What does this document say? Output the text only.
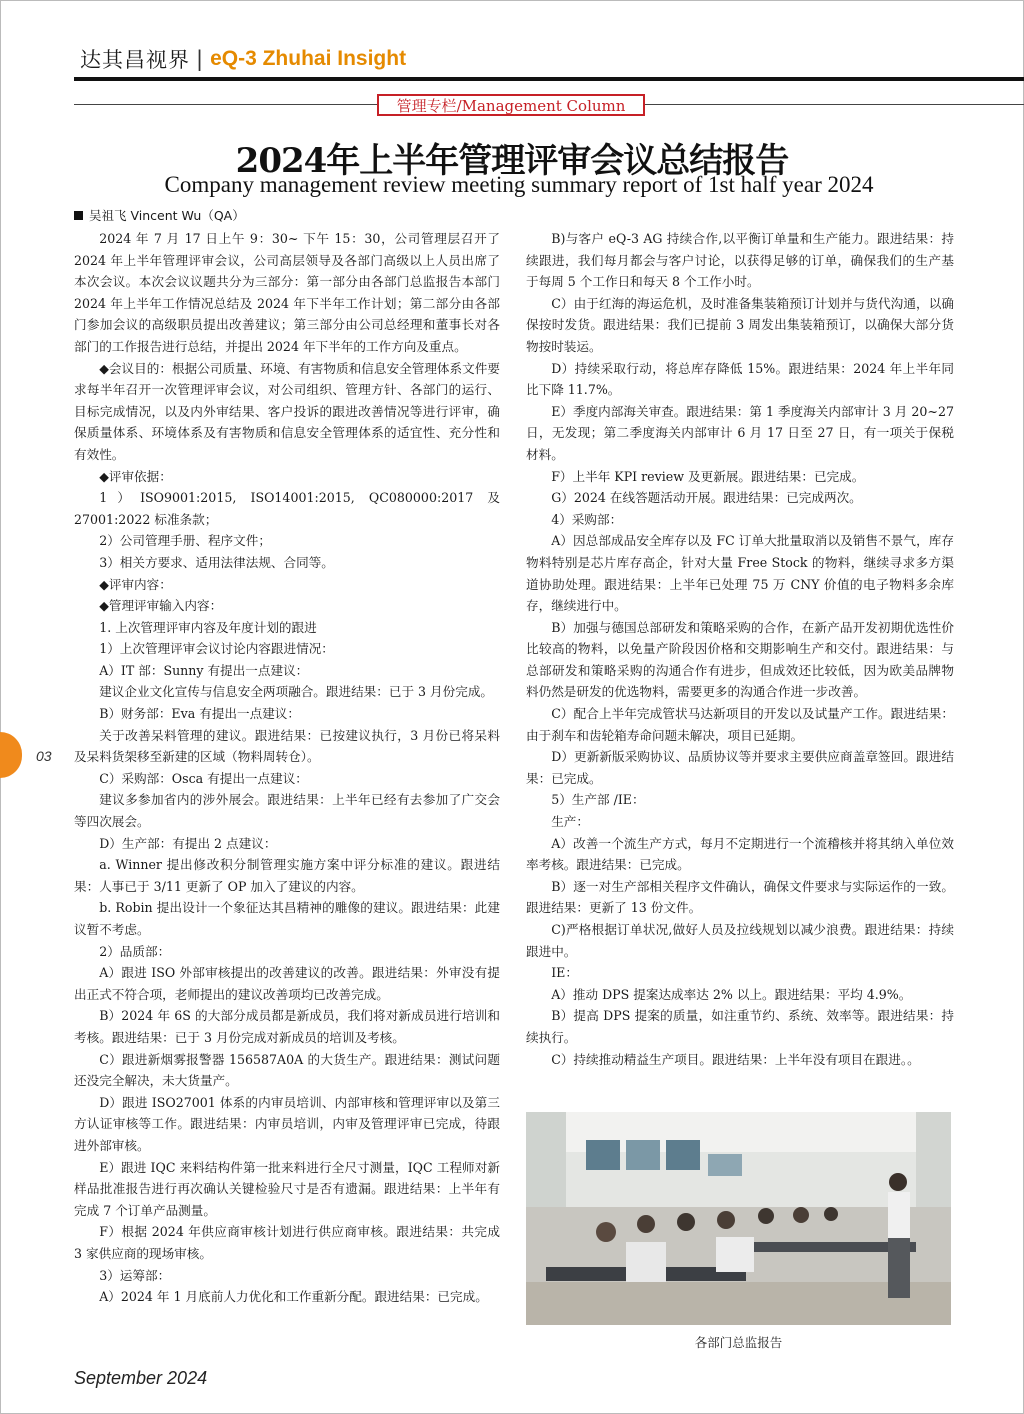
达其昌视界 | eQ-3 Zhuhai Insight
管理专栏/Management Column
2024年上半年管理评审会议总结报告
Company management review meeting summary report of 1st half year 2024
吴祖飞 Vincent Wu（QA）

2024 年 7 月 17 日上午 9：30~ 下午 15：30，公司管理层召开了 2024 年上半年管理评审会议，公司高层领导及各部门高级以上人员出席了本次会议。本次会议议题共分为三部分：第一部分由各部门总监报告本部门 2024 年上半年工作情况总结及 2024 年下半年工作计划；第二部分由各部门参加会议的高级职员提出改善建议；第三部分由公司总经理和董事长对各部门的工作报告进行总结，并提出 2024 年下半年的工作方向及重点。

◆会议目的：根据公司质量、环境、有害物质和信息安全管理体系文件要求每半年召开一次管理评审会议，对公司组织、管理方针、各部门的运行、目标完成情况，以及内外审结果、客户投诉的跟进改善情况等进行评审，确保质量体系、环境体系及有害物质和信息安全管理体系的适宜性、充分性和有效性。

◆评审依据：

1）ISO9001:2015, ISO14001:2015, QC080000:2017 及 27001:2022 标准条款；

2）公司管理手册、程序文件；

3）相关方要求、适用法律法规、合同等。

◆评审内容：

◆管理评审输入内容：

1. 上次管理评审内容及年度计划的跟进

1）上次管理评审会议讨论内容跟进情况：

A）IT 部：Sunny 有提出一点建议：

建议企业文化宣传与信息安全两项融合。跟进结果：已于 3 月份完成。

B）财务部：Eva 有提出一点建议：

关于改善呆料管理的建议。跟进结果：已按建议执行，3 月份已将呆料及呆料货架移至新建的区域（物料周转仓）。

C）采购部：Osca 有提出一点建议：

建议多参加省内的涉外展会。跟进结果：上半年已经有去参加了广交会等四次展会。

D）生产部：有提出 2 点建议：

a. Winner 提出修改积分制管理实施方案中评分标准的建议。跟进结果：人事已于 3/11 更新了 OP 加入了建议的内容。

b. Robin 提出设计一个象征达其昌精神的雕像的建议。跟进结果：此建议暂不考虑。

2）品质部：

A）跟进 ISO 外部审核提出的改善建议的改善。跟进结果：外审没有提出正式不符合项，老师提出的建议改善项均已改善完成。

B）2024 年 6S 的大部分成员都是新成员，我们将对新成员进行培训和考核。跟进结果：已于 3 月份完成对新成员的培训及考核。

C）跟进新烟雾报警器 156587A0A 的大货生产。跟进结果：测试问题还没完全解决，未大货量产。

D）跟进 ISO27001 体系的内审员培训、内部审核和管理评审以及第三方认证审核等工作。跟进结果：内审员培训，内审及管理评审已完成，待跟进外部审核。

E）跟进 IQC 来料结构件第一批来料进行全尺寸测量，IQC 工程师对新样品批准报告进行再次确认关键检验尺寸是否有遗漏。跟进结果：上半年有完成 7 个订单产品测量。

F）根据 2024 年供应商审核计划进行供应商审核。跟进结果：共完成 3 家供应商的现场审核。

3）运筹部：

A）2024 年 1 月底前人力优化和工作重新分配。跟进结果：已完成。

B)与客户 eQ-3 AG 持续合作,以平衡订单量和生产能力。跟进结果：持续跟进，我们每月都会与客户讨论，以获得足够的订单，确保我们的生产基于每周 5 个工作日和每天 8 个工作小时。

C）由于红海的海运危机，及时准备集装箱预订计划并与货代沟通，以确保按时发货。跟进结果：我们已提前 3 周发出集装箱预订，以确保大部分货物按时装运。

D）持续采取行动，将总库存降低 15%。跟进结果：2024 年上半年同比下降 11.7%。

E）季度内部海关审查。跟进结果：第 1 季度海关内部审计 3 月 20~27 日，无发现；第二季度海关内部审计 6 月 17 日至 27 日，有一项关于保税材料。

F）上半年 KPI review 及更新展。跟进结果：已完成。

G）2024 在线答题活动开展。跟进结果：已完成两次。

4）采购部：

A）因总部成品安全库存以及 FC 订单大批量取消以及销售不景气，库存物料特别是芯片库存高企，针对大量 Free Stock 的物料，继续寻求多方渠道协助处理。跟进结果：上半年已处理 75 万 CNY 价值的电子物料多余库存，继续进行中。

B）加强与德国总部研发和策略采购的合作，在新产品开发初期优选性价比较高的物料，以免量产阶段因价格和交期影响生产和交付。跟进结果：与总部研发和策略采购的沟通合作有进步，但成效还比较低，因为欧美品牌物料仍然是研发的优选物料，需要更多的沟通合作进一步改善。

C）配合上半年完成管状马达新项目的开发以及试量产工作。跟进结果：由于刹车和齿轮箱寿命问题未解决，项目已延期。

D）更新新版采购协议、品质协议等并要求主要供应商盖章签回。跟进结果：已完成。

5）生产部 /IE：

生产：

A）改善一个流生产方式，每月不定期进行一个流稽核并将其纳入单位效率考核。跟进结果：已完成。

B）逐一对生产部相关程序文件确认，确保文件要求与实际运作的一致。跟进结果：更新了 13 份文件。

C)严格根据订单状况,做好人员及拉线规划以减少浪费。跟进结果：持续跟进中。

IE：

A）推动 DPS 提案达成率达 2% 以上。跟进结果：平均 4.9%。

B）提高 DPS 提案的质量，如注重节约、系统、效率等。跟进结果：持续执行。

C）持续推动精益生产项目。跟进结果：上半年没有项目在跟进。。

03
各部门总监报告
September 2024
